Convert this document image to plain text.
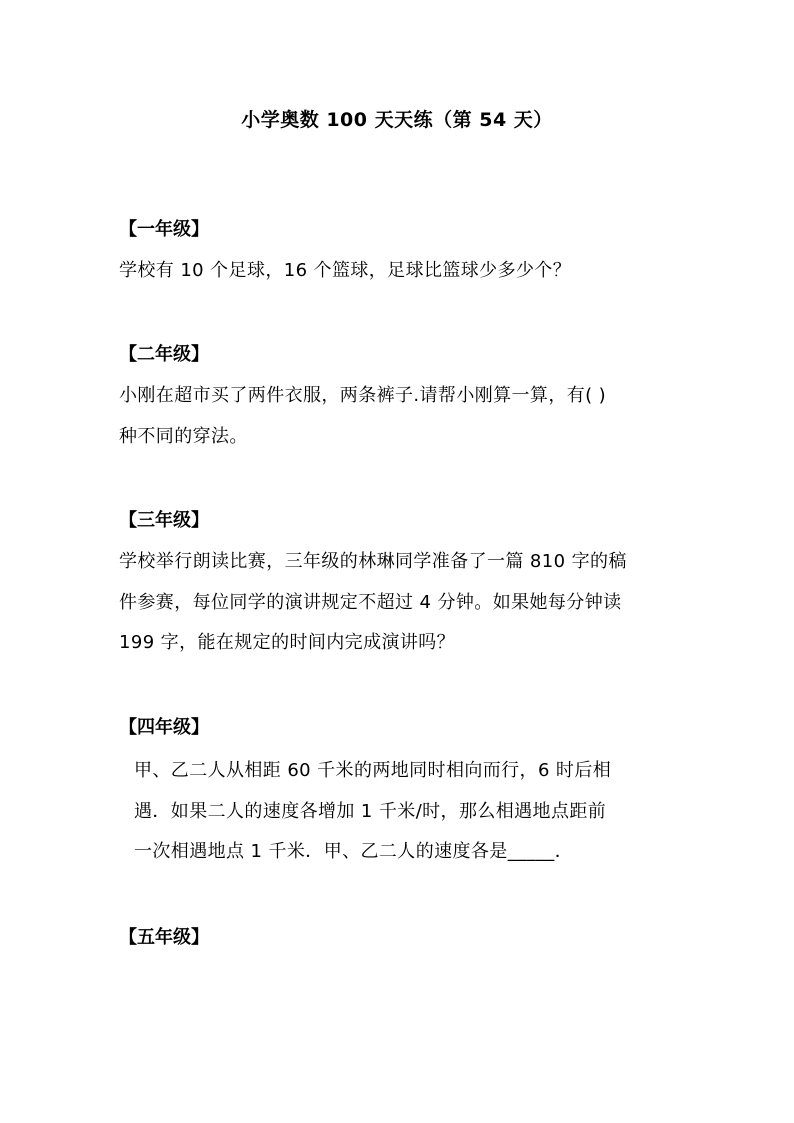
小学奥数 100 天天练（第 54 天）
【一年级】
学校有 10 个足球，16 个篮球，足球比篮球少多少个？
【二年级】
小刚在超市买了两件衣服，两条裤子.请帮小刚算一算，有( )
种不同的穿法。
【三年级】
学校举行朗读比赛，三年级的林琳同学准备了一篇 810 字的稿
件参赛，每位同学的演讲规定不超过 4 分钟。如果她每分钟读
199 字，能在规定的时间内完成演讲吗？
【四年级】
甲、乙二人从相距 60 千米的两地同时相向而行，6 时后相
遇．如果二人的速度各增加 1 千米/时，那么相遇地点距前
一次相遇地点 1 千米．甲、乙二人的速度各是_____．
【五年级】
